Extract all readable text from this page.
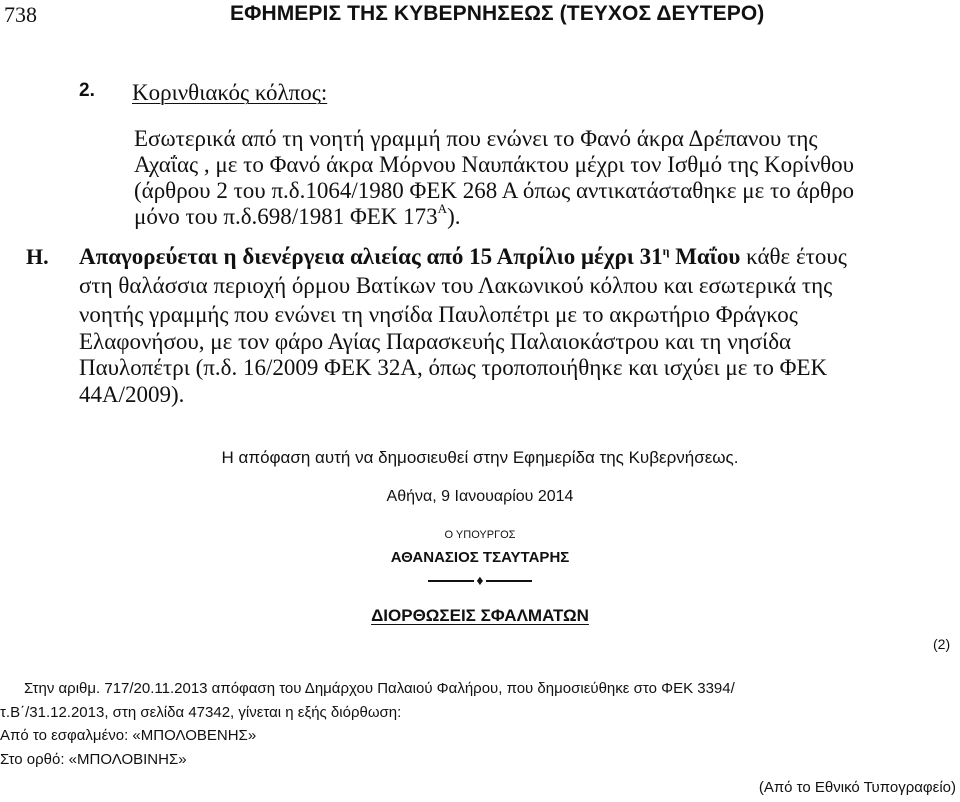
738	ΕΦΗΜΕΡΙΣ ΤΗΣ ΚΥΒΕΡΝΗΣΕΩΣ (ΤΕΥΧΟΣ ΔΕΥΤΕΡΟ)
2. Κορινθιακός κόλπος:
Εσωτερικά από τη νοητή γραμμή που ενώνει το Φανό άκρα Δρέπανου της
Αχαΐας , με το Φανό άκρα Μόρνου Ναυπάκτου μέχρι τον Ισθμό της Κορίνθου
(άρθρου 2 του π.δ.1064/1980 ΦΕΚ 268 Α όπως αντικατάσταθηκε με το άρθρο
μόνο του π.δ.698/1981 ΦΕΚ $173^A$).
Η. Απαγορεύεται η διενέργεια αλιείας από 15 Απρίλιο μέχρι $31^\eta$ Μαΐου κάθε έτους
στη θαλάσσια περιοχή όρμου Βατίκων του Λακωνικού κόλπου και εσωτερικά της
νοητής γραμμής που ενώνει τη νησίδα Παυλοπέτρι με το ακρωτήριο Φράγκος
Ελαφονήσου, με τον φάρο Αγίας Παρασκευής Παλαιοκάστρου και τη νησίδα
Παυλοπέτρι (π.δ. 16/2009 ΦΕΚ 32Α, όπως τροποποιήθηκε και ισχύει με το ΦΕΚ
44Α/2009).
Η απόφαση αυτή να δημοσιευθεί στην Εφημερίδα της Κυβερνήσεως.
Αθήνα, 9 Ιανουαρίου 2014
Ο ΥΠΟΥΡΓΟΣ
ΑΘΑΝΑΣΙΟΣ ΤΣΑΥΤΑΡΗΣ
♦
ΔΙΟΡΘΩΣΕΙΣ ΣΦΑΛΜΑΤΩΝ
(2)
Στην αριθμ. 717/20.11.2013 απόφαση του Δημάρχου Παλαιού Φαλήρου, που δημοσιεύθηκε στο ΦΕΚ 3394/
τ.Β΄/31.12.2013, στη σελίδα 47342, γίνεται η εξής διόρθωση:
Από το εσφαλμένο: «ΜΠΟΛΟΒΕΝΗΣ»
Στο ορθό: «ΜΠΟΛΟΒΙΝΗΣ»
(Από το Εθνικό Τυπογραφείο)
